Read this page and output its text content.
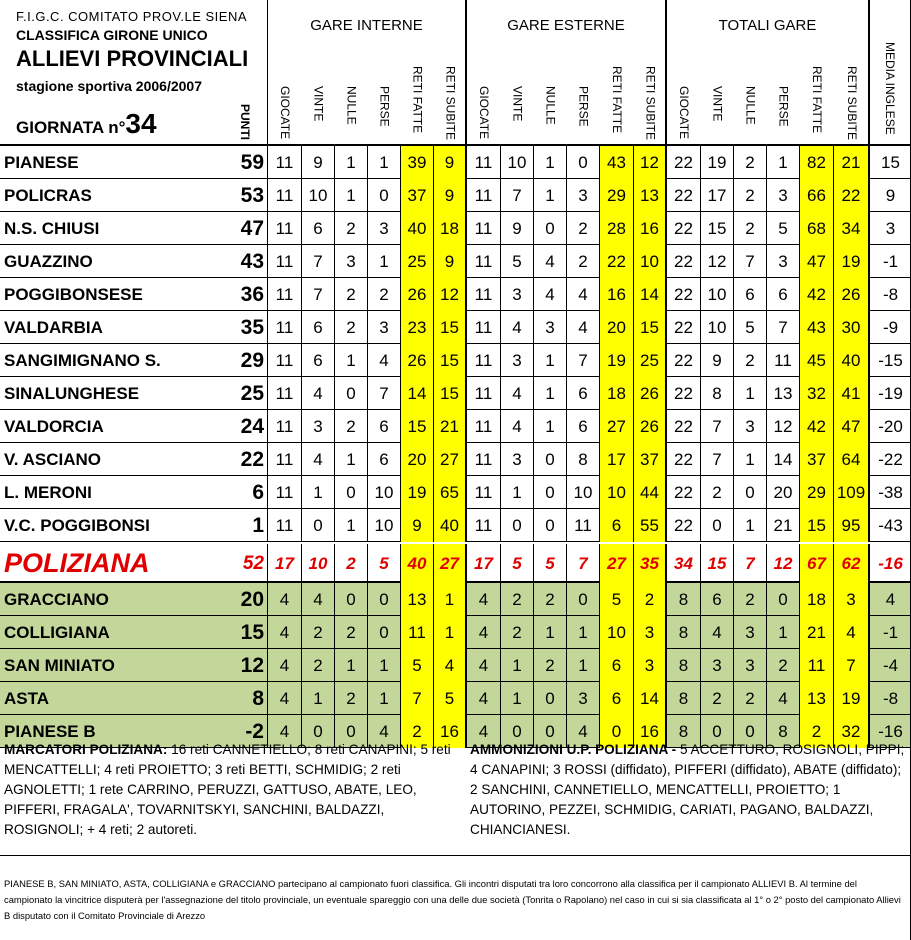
F.I.G.C. COMITATO PROV.LE SIENA
CLASSIFICA GIRONE UNICO
ALLIEVI PROVINCIALI
stagione sportiva 2006/2007
GIORNATA n°34	PUNTI
GARE INTERNE
GIOCATE VINTE NULLE PERSE RETI FATTE RETI SUBITE
GARE ESTERNE
GIOCATE VINTE NULLE PERSE RETI FATTE RETI SUBITE
TOTALI GARE
GIOCATE VINTE NULLE PERSE RETI FATTE RETI SUBITE MEDIA INGLESE
PIANESE	59 11	9	1	1	39	9	11 10	1	0	43 12 22 19	2	1	82 21	15
POLICRAS	53 11 10	1	0	37	9	11	7	1	3	29 13 22 17	2	3	66 22	9
N.S. CHIUSI	47 11	6	2	3	40 18 11	9	0	2	28 16 22 15	2	5	68 34	3
GUAZZINO	43 11	7	3	1	25	9	11	5	4	2	22 10 22 12	7	3	47 19	-1
POGGIBONSESE	36 11	7	2	2	26 12 11	3	4	4	16 14 22 10	6	6	42 26	-8
VALDARBIA	35 11	6	2	3	23 15 11	4	3	4	20 15 22 10	5	7	43 30	-9
SANGIMIGNANO S.	29 11	6	1	4	26 15 11	3	1	7	19 25 22	9	2	11 45 40	-15
SINALUNGHESE	25 11	4	0	7	14 15 11	4	1	6	18 26 22	8	1	13 32 41	-19
VALDORCIA	24 11	3	2	6	15 21 11	4	1	6	27 26 22	7	3	12 42 47	-20
V. ASCIANO	22 11	4	1	6	20 27 11	3	0	8	17 37 22	7	1	14 37 64	-22
L. MERONI	6 11	1	0	10 19 65 11	1	0	10 10 44 22	2	0	20 29 109 -38
V.C. POGGIBONSI	1 11	0	1	10	9	40 11	0	0	11	6	55 22	0	1	21 15 95	-43
POLIZIANA	52 17 10	2	5	40 27 17	5	5	7	27 35 34 15	7	12 67 62	-16
GRACCIANO	20 4	4	0	0	13	1	4	2	2	0	5	2	8	6	2	0	18	3	4
COLLIGIANA	15 4	2	2	0	11	1	4	2	1	1	10	3	8	4	3	1	21	4	-1
SAN MINIATO	12 4	2	1	1	5	4	4	1	2	1	6	3	8	3	3	2	11	7	-4
ASTA	8 4	1	2	1	7	5	4	1	0	3	6	14	8	2	2	4	13 19	-8
PIANESE B	-2 4	0	0	4	2	16	4	0	0	4	0	16	8	0	0	8	2	32	-16
MARCATORI POLIZIANA: 16 reti CANNETIELLO; 8 reti CANAPINI; 5 reti MENCATTELLI; 4 reti PROIETTO; 3 reti BETTI, SCHMIDIG; 2 reti AGNOLETTI; 1 rete CARRINO, PERUZZI, GATTUSO, ABATE, LEO, PIFFERI, FRAGALA', TOVARNITSKYI, SANCHINI, BALDAZZI, ROSIGNOLI; + 4 reti; 2 autoreti.
AMMONIZIONI U.P. POLIZIANA - 5 ACCETTURO, ROSIGNOLI, PIPPI; 4 CANAPINI; 3 ROSSI (diffidato), PIFFERI (diffidato), ABATE (diffidato); 2 SANCHINI, CANNETIELLO, MENCATTELLI, PROIETTO; 1 AUTORINO, PEZZEI, SCHMIDIG, CARIATI, PAGANO, BALDAZZI, CHIANCIANESI.
PIANESE B, SAN MINIATO, ASTA, COLLIGIANA e GRACCIANO partecipano al campionato fuori classifica. Gli incontri disputati tra loro concorrono alla classifica per il campionato ALLIEVI B. Al termine del campionato la vincitrice disputerà per l'assegnazione del titolo provinciale, un eventuale spareggio con una delle due società (Tonrita o Rapolano) nel caso in cui si sia classificata al 1° o 2° posto del campionato Allievi B disputato con il Comitato Provinciale di Arezzo
